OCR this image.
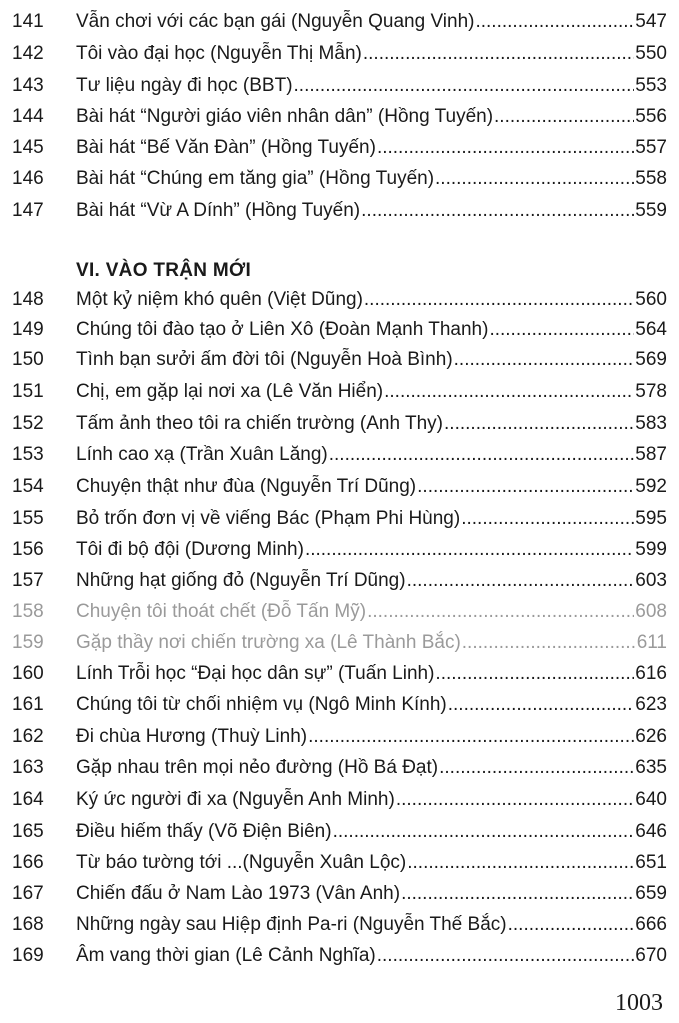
141	Vẫn chơi với các bạn gái (Nguyễn Quang Vinh) .....	547
142	Tôi vào đại học (Nguyễn Thị Mẫn) .....	550
143	Tư liệu ngày đi học (BBT) .....	553
144	Bài hát “Người giáo viên nhân dân” (Hồng Tuyến) .....	556
145	Bài hát “Bế Văn Đàn” (Hồng Tuyến) .....	557
146	Bài hát “Chúng em tăng gia” (Hồng Tuyến) .....	558
147	Bài hát “Vừ A Dính” (Hồng Tuyến) .....	559
VI. VÀO TRẬN MỚI
148	Một kỷ niệm khó quên (Việt Dũng) .....	560
149	Chúng tôi đào tạo ở Liên Xô (Đoàn Mạnh Thanh) .....	564
150	Tình bạn sưởi ấm đời tôi (Nguyễn Hoà Bình) .....	569
151	Chị, em gặp lại nơi xa (Lê Văn Hiển) .....	578
152	Tấm ảnh theo tôi ra chiến trường (Anh Thy) .....	583
153	Lính cao xạ (Trần Xuân Lăng) .....	587
154	Chuyện thật như đùa (Nguyễn Trí Dũng) .....	592
155	Bỏ trốn đơn vị về viếng Bác (Phạm Phi Hùng) .....	595
156	Tôi đi bộ đội (Dương Minh) .....	599
157	Những hạt giống đỏ (Nguyễn Trí Dũng) .....	603
158	Chuyện tôi thoát chết (Đỗ Tấn Mỹ) .....	608
159	Gặp thầy nơi chiến trường xa (Lê Thành Bắc) .....	611
160	Lính Trỗi học “Đại học dân sự” (Tuấn Linh) .....	616
161	Chúng tôi từ chối nhiệm vụ (Ngô Minh Kính) .....	623
162	Đi chùa Hương (Thuỳ Linh) .....	626
163	Gặp nhau trên mọi nẻo đường (Hồ Bá Đạt) .....	635
164	Ký ức người đi xa (Nguyễn Anh Minh) .....	640
165	Điều hiếm thấy (Võ Điện Biên) .....	646
166	Từ báo tường tới ...(Nguyễn Xuân Lộc) .....	651
167	Chiến đấu ở Nam Lào 1973 (Vân Anh) .....	659
168	Những ngày sau Hiệp định Pa-ri (Nguyễn Thế Bắc) .....	666
169	Âm vang thời gian (Lê Cảnh Nghĩa) .....	670
1003
